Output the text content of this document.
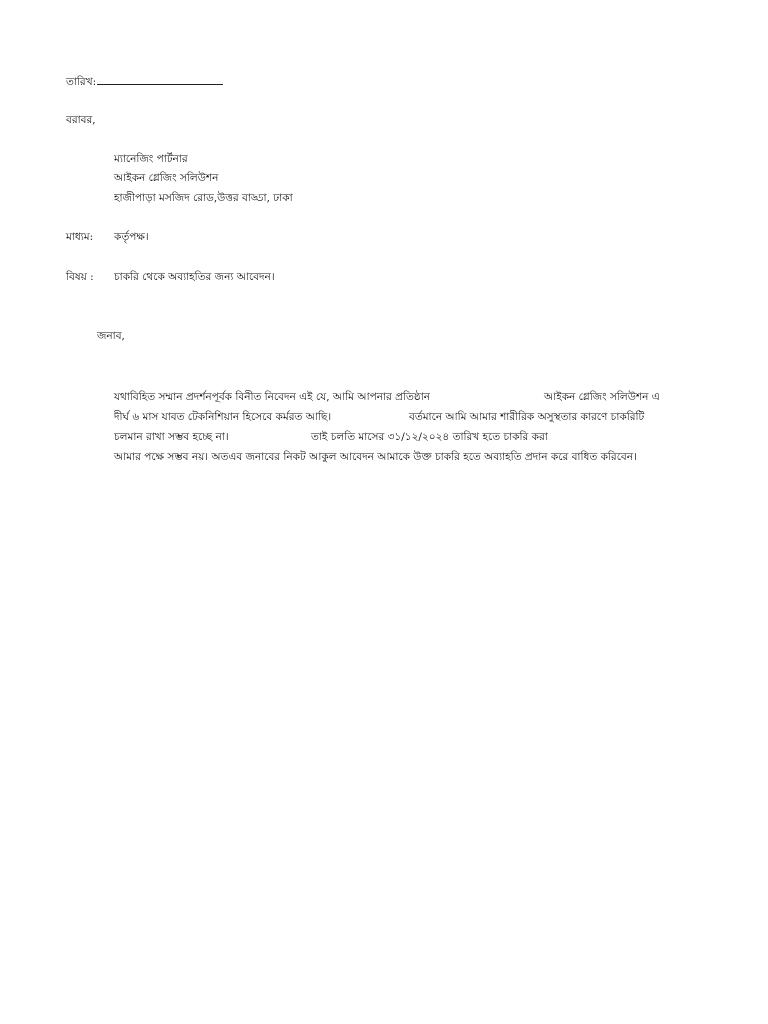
তারিখ:
বরাবর,
ম্যানেজিং পার্টনার
আইকন গ্লেজিং সলিউশন
হাজীপাড়া মসজিদ রোড,উত্তর বাড্ডা, ঢাকা
মাধ্যম: কর্তৃপক্ষ।
বিষয় : চাকরি থেকে অব্যাহতির জন্য আবেদন।
জনাব,
যথাবিহিত সম্মান প্রদর্শনপূর্বক বিনীত নিবেদন এই যে, আমি আপনার প্রতিষ্ঠান	আইকন গ্লেজিং সলিউশন এ
দীর্ঘ ৬ মাস যাবত টেকনিশিয়ান হিসেবে কর্মরত আছি।	বর্তমানে আমি আমার শারীরিক অসুস্থতার কারণে চাকরিটি
চলমান রাখা সম্ভব হচ্ছে না।	তাই চলতি মাসের ৩১/১২/২০২৪ তারিখ হতে চাকরি করা
আমার পক্ষে সম্ভব নয়। অতএব জনাবের নিকট আকুল আবেদন আমাকে উক্ত চাকরি হতে অব্যাহতি প্রদান করে বাধিত করিবেন।
